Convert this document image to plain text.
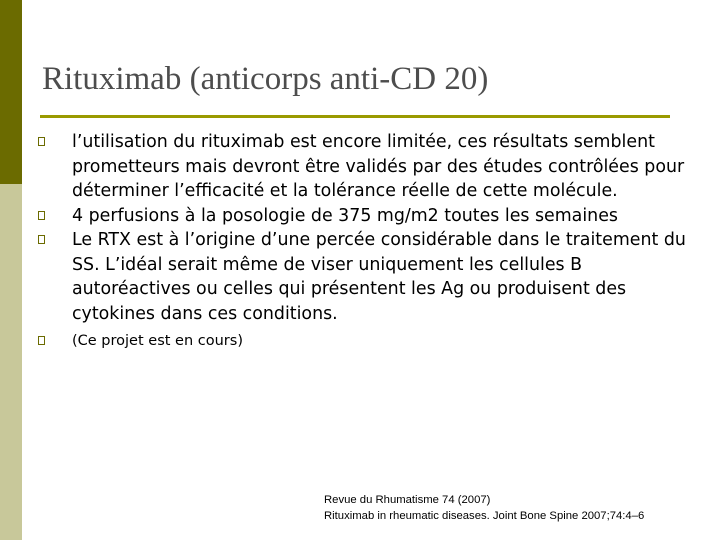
Rituximab (anticorps anti-CD 20)
l’utilisation du rituximab est encore limitée, ces résultats semblent prometteurs mais devront être validés par des études contrôlées pour déterminer l’efficacité et la tolérance réelle de cette molécule.
4 perfusions à la posologie de 375 mg/m2 toutes les semaines
Le RTX est à l’origine d’une percée considérable dans le traitement du SS. L’idéal serait même de viser uniquement les cellules B autoréactives ou celles qui présentent les Ag ou produisent des cytokines dans ces conditions.
(Ce projet est en cours)
Revue du Rhumatisme 74 (2007)
Rituximab in rheumatic diseases. Joint Bone Spine 2007;74:4–6
